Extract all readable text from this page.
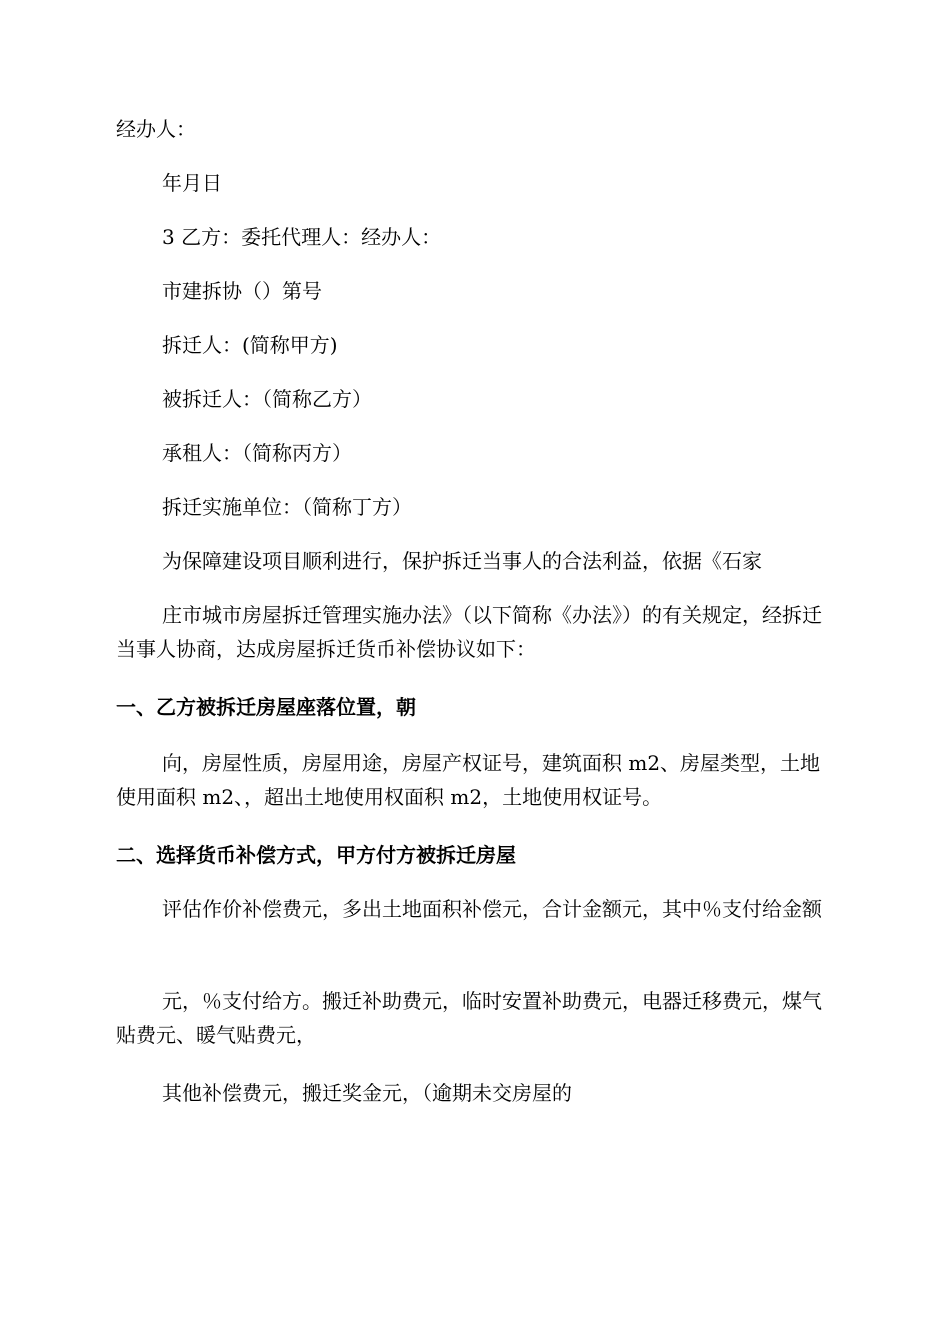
经办人：
年月日
3 乙方：委托代理人：经办人：
市建拆协（）第号
拆迁人：(简称甲方)
被拆迁人：（简称乙方）
承租人：（简称丙方）
拆迁实施单位：（简称丁方）
为保障建设项目顺利进行，保护拆迁当事人的合法利益，依据《石家
庄市城市房屋拆迁管理实施办法》（以下简称《办法》）的有关规定，经拆迁当事人协商，达成房屋拆迁货币补偿协议如下：
一、乙方被拆迁房屋座落位置，朝
向，房屋性质，房屋用途，房屋产权证号，建筑面积 m2、房屋类型，土地使用面积 m2、，超出土地使用权面积 m2，土地使用权证号。
二、选择货币补偿方式，甲方付方被拆迁房屋
评估作价补偿费元，多出土地面积补偿元，合计金额元，其中％支付给金额
元，％支付给方。搬迁补助费元，临时安置补助费元，电器迁移费元，煤气贴费元、暖气贴费元，
其他补偿费元，搬迁奖金元，（逾期未交房屋的
